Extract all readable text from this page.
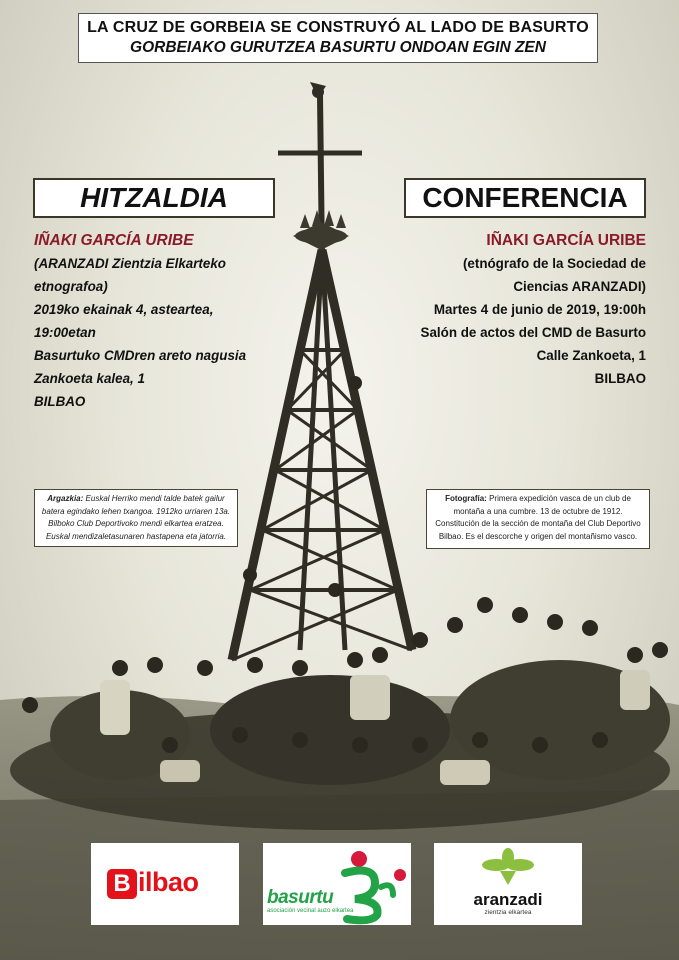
LA CRUZ DE GORBEIA SE CONSTRUYÓ AL LADO DE BASURTO
GORBEIAKO GURUTZEA BASURTU ONDOAN EGIN ZEN
HITZALDIA	CONFERENCIA
IÑAKI GARCÍA URIBE
(ARANZADI Zientzia Elkarteko
etnografoa)
2019ko ekainak 4, asteartea,
19:00etan
Basurtuko CMDren areto nagusia
Zankoeta kalea, 1
BILBAO
IÑAKI GARCÍA URIBE
(etnógrafo de la Sociedad de
Ciencias ARANZADI)
Martes 4 de junio de 2019, 19:00h
Salón de actos del CMD de Basurto
Calle Zankoeta, 1
BILBAO
Argazkia: Euskal Herriko mendi talde batek gailur batera egindako lehen txangoa. 1912ko urriaren 13a. Bilboko Club Deportivoko mendi elkartea eratzea. Euskal mendizaletasunaren hastapena eta jatorria.
Fotografía: Primera expedición vasca de un club de montaña a una cumbre. 13 de octubre de 1912. Constitución de la sección de montaña del Club Deportivo Bilbao. Es el descorche y origen del montañismo vasco.
B ilbao
basurtu
asociación vecinal auzo elkartea
aranzadi
zientzia elkartea
